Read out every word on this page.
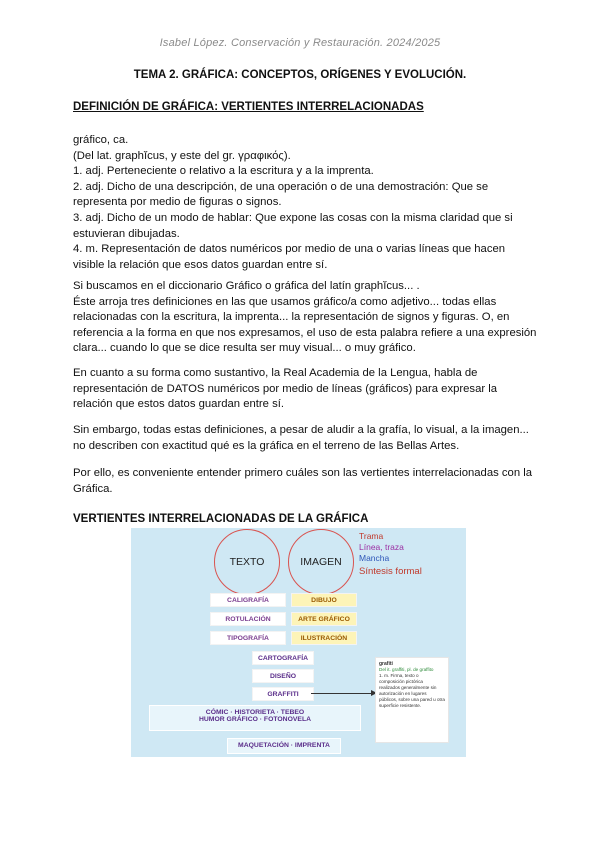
Isabel López. Conservación y Restauración. 2024/2025
TEMA 2. GRÁFICA: CONCEPTOS, ORÍGENES Y EVOLUCIÓN.
DEFINICIÓN DE GRÁFICA: VERTIENTES INTERRELACIONADAS
gráfico, ca.
(Del lat. graphĭcus, y este del gr. γραφικός).
1. adj. Perteneciente o relativo a la escritura y a la imprenta.
2. adj. Dicho de una descripción, de una operación o de una demostración: Que se
representa por medio de figuras o signos.
3. adj. Dicho de un modo de hablar: Que expone las cosas con la misma claridad que si
estuvieran dibujadas.
4. m. Representación de datos numéricos por medio de una o varias líneas que hacen
visible la relación que esos datos guardan entre sí.
Si buscamos en el diccionario Gráfico o gráfica del latín graphĭcus... .
Éste arroja tres definiciones en las que usamos gráfico/a como adjetivo... todas ellas
relacionadas con la escritura, la imprenta... la representación de signos y figuras. O, en
referencia a la forma en que nos expresamos, el uso de esta palabra refiere a una expresión
clara... cuando lo que se dice resulta ser muy visual... o muy gráfico.
En cuanto a su forma como sustantivo, la Real Academia de la Lengua, habla de
representación de DATOS numéricos por medio de líneas (gráficos) para expresar la
relación que estos datos guardan entre sí.
Sin embargo, todas estas definiciones, a pesar de aludir a la grafía, lo visual, a la imagen...
no describen con exactitud qué es la gráfica en el terreno de las Bellas Artes.
Por ello, es conveniente entender primero cuáles son las vertientes interrelacionadas con la
Gráfica.
VERTIENTES INTERRELACIONADAS DE LA GRÁFICA
TEXTO	IMAGEN
Trama
Línea, traza
Mancha
Síntesis formal
CALIGRAFÍA
ROTULACIÓN
TIPOGRAFÍA
DIBUJO
ARTE GRÁFICO
ILUSTRACIÓN
CARTOGRAFÍA
DISEÑO
GRAFFITI
grafiti
Del it. graffiti, pl. de graffito
1. m. Firma, texto o composición pictórica realizados generalmente sin autorización en lugares públicos, sobre una pared u otra superficie resistente.
CÓMIC · HISTORIETA · TEBEO
HUMOR GRÁFICO · FOTONOVELA
MAQUETACIÓN · IMPRENTA
